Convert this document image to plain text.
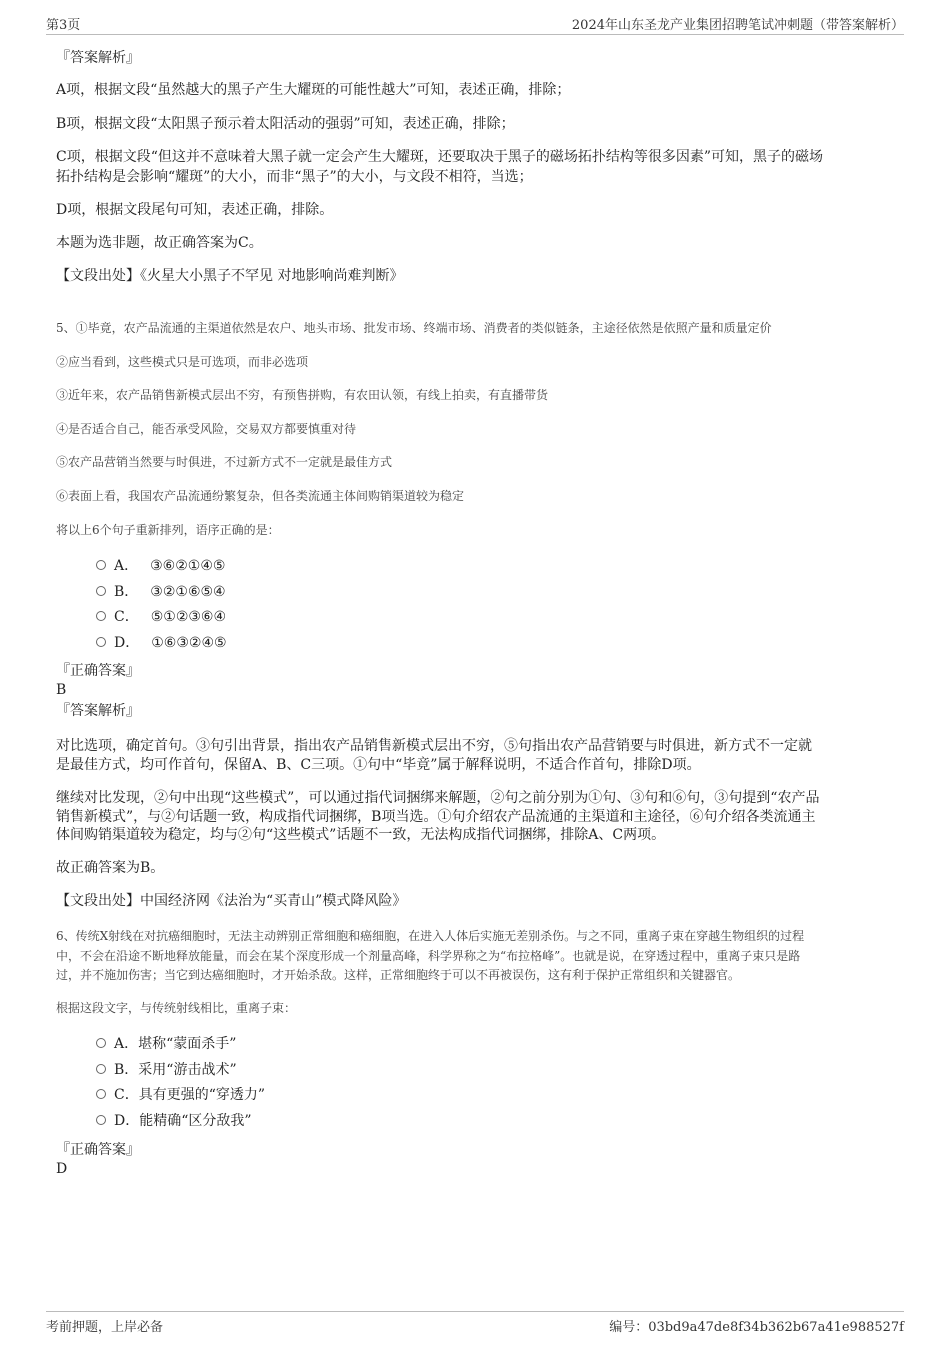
第3页	2024年山东圣龙产业集团招聘笔试冲刺题（带答案解析）
『答案解析』
A项，根据文段“虽然越大的黑子产生大耀斑的可能性越大”可知，表述正确，排除；
B项，根据文段“太阳黑子预示着太阳活动的强弱”可知，表述正确，排除；
C项，根据文段“但这并不意味着大黑子就一定会产生大耀斑，还要取决于黑子的磁场拓扑结构等很多因素”可知，黑子的磁场
拓扑结构是会影响“耀斑”的大小，而非“黑子”的大小，与文段不相符，当选；
D项，根据文段尾句可知，表述正确，排除。
本题为选非题，故正确答案为C。
【文段出处】《火星大小黑子不罕见 对地影响尚难判断》
5、①毕竟，农产品流通的主渠道依然是农户、地头市场、批发市场、终端市场、消费者的类似链条，主途径依然是依照产量和质量定价
②应当看到，这些模式只是可选项，而非必选项
③近年来，农产品销售新模式层出不穷，有预售拼购，有农田认领，有线上拍卖，有直播带货
④是否适合自己，能否承受风险，交易双方都要慎重对待
⑤农产品营销当然要与时俱进，不过新方式不一定就是最佳方式
⑥表面上看，我国农产品流通纷繁复杂，但各类流通主体间购销渠道较为稳定
将以上6个句子重新排列，语序正确的是：
A． ③⑥②①④⑤
B． ③②①⑥⑤④
C． ⑤①②③⑥④
D． ①⑥③②④⑤
『正确答案』
B
『答案解析』
对比选项，确定首句。③句引出背景，指出农产品销售新模式层出不穷，⑤句指出农产品营销要与时俱进，新方式不一定就
是最佳方式，均可作首句，保留A、B、C三项。①句中“毕竟”属于解释说明，不适合作首句，排除D项。
继续对比发现，②句中出现“这些模式”，可以通过指代词捆绑来解题，②句之前分别为①句、③句和⑥句，③句提到“农产品
销售新模式”，与②句话题一致，构成指代词捆绑，B项当选。①句介绍农产品流通的主渠道和主途径，⑥句介绍各类流通主
体间购销渠道较为稳定，均与②句“这些模式”话题不一致，无法构成指代词捆绑，排除A、C两项。
故正确答案为B。
【文段出处】中国经济网《法治为“买青山”模式降风险》
6、传统X射线在对抗癌细胞时，无法主动辨别正常细胞和癌细胞，在进入人体后实施无差别杀伤。与之不同，重离子束在穿越生物组织的过程
中，不会在沿途不断地释放能量，而会在某个深度形成一个剂量高峰，科学界称之为“布拉格峰”。也就是说，在穿透过程中，重离子束只是路
过，并不施加伤害；当它到达癌细胞时，才开始杀敌。这样，正常细胞终于可以不再被误伤，这有利于保护正常组织和关键器官。
根据这段文字，与传统射线相比，重离子束：
A．堪称“蒙面杀手”
B．采用“游击战术”
C．具有更强的“穿透力”
D．能精确“区分敌我”
『正确答案』
D
考前押题，上岸必备	编号：03bd9a47de8f34b362b67a41e988527f
